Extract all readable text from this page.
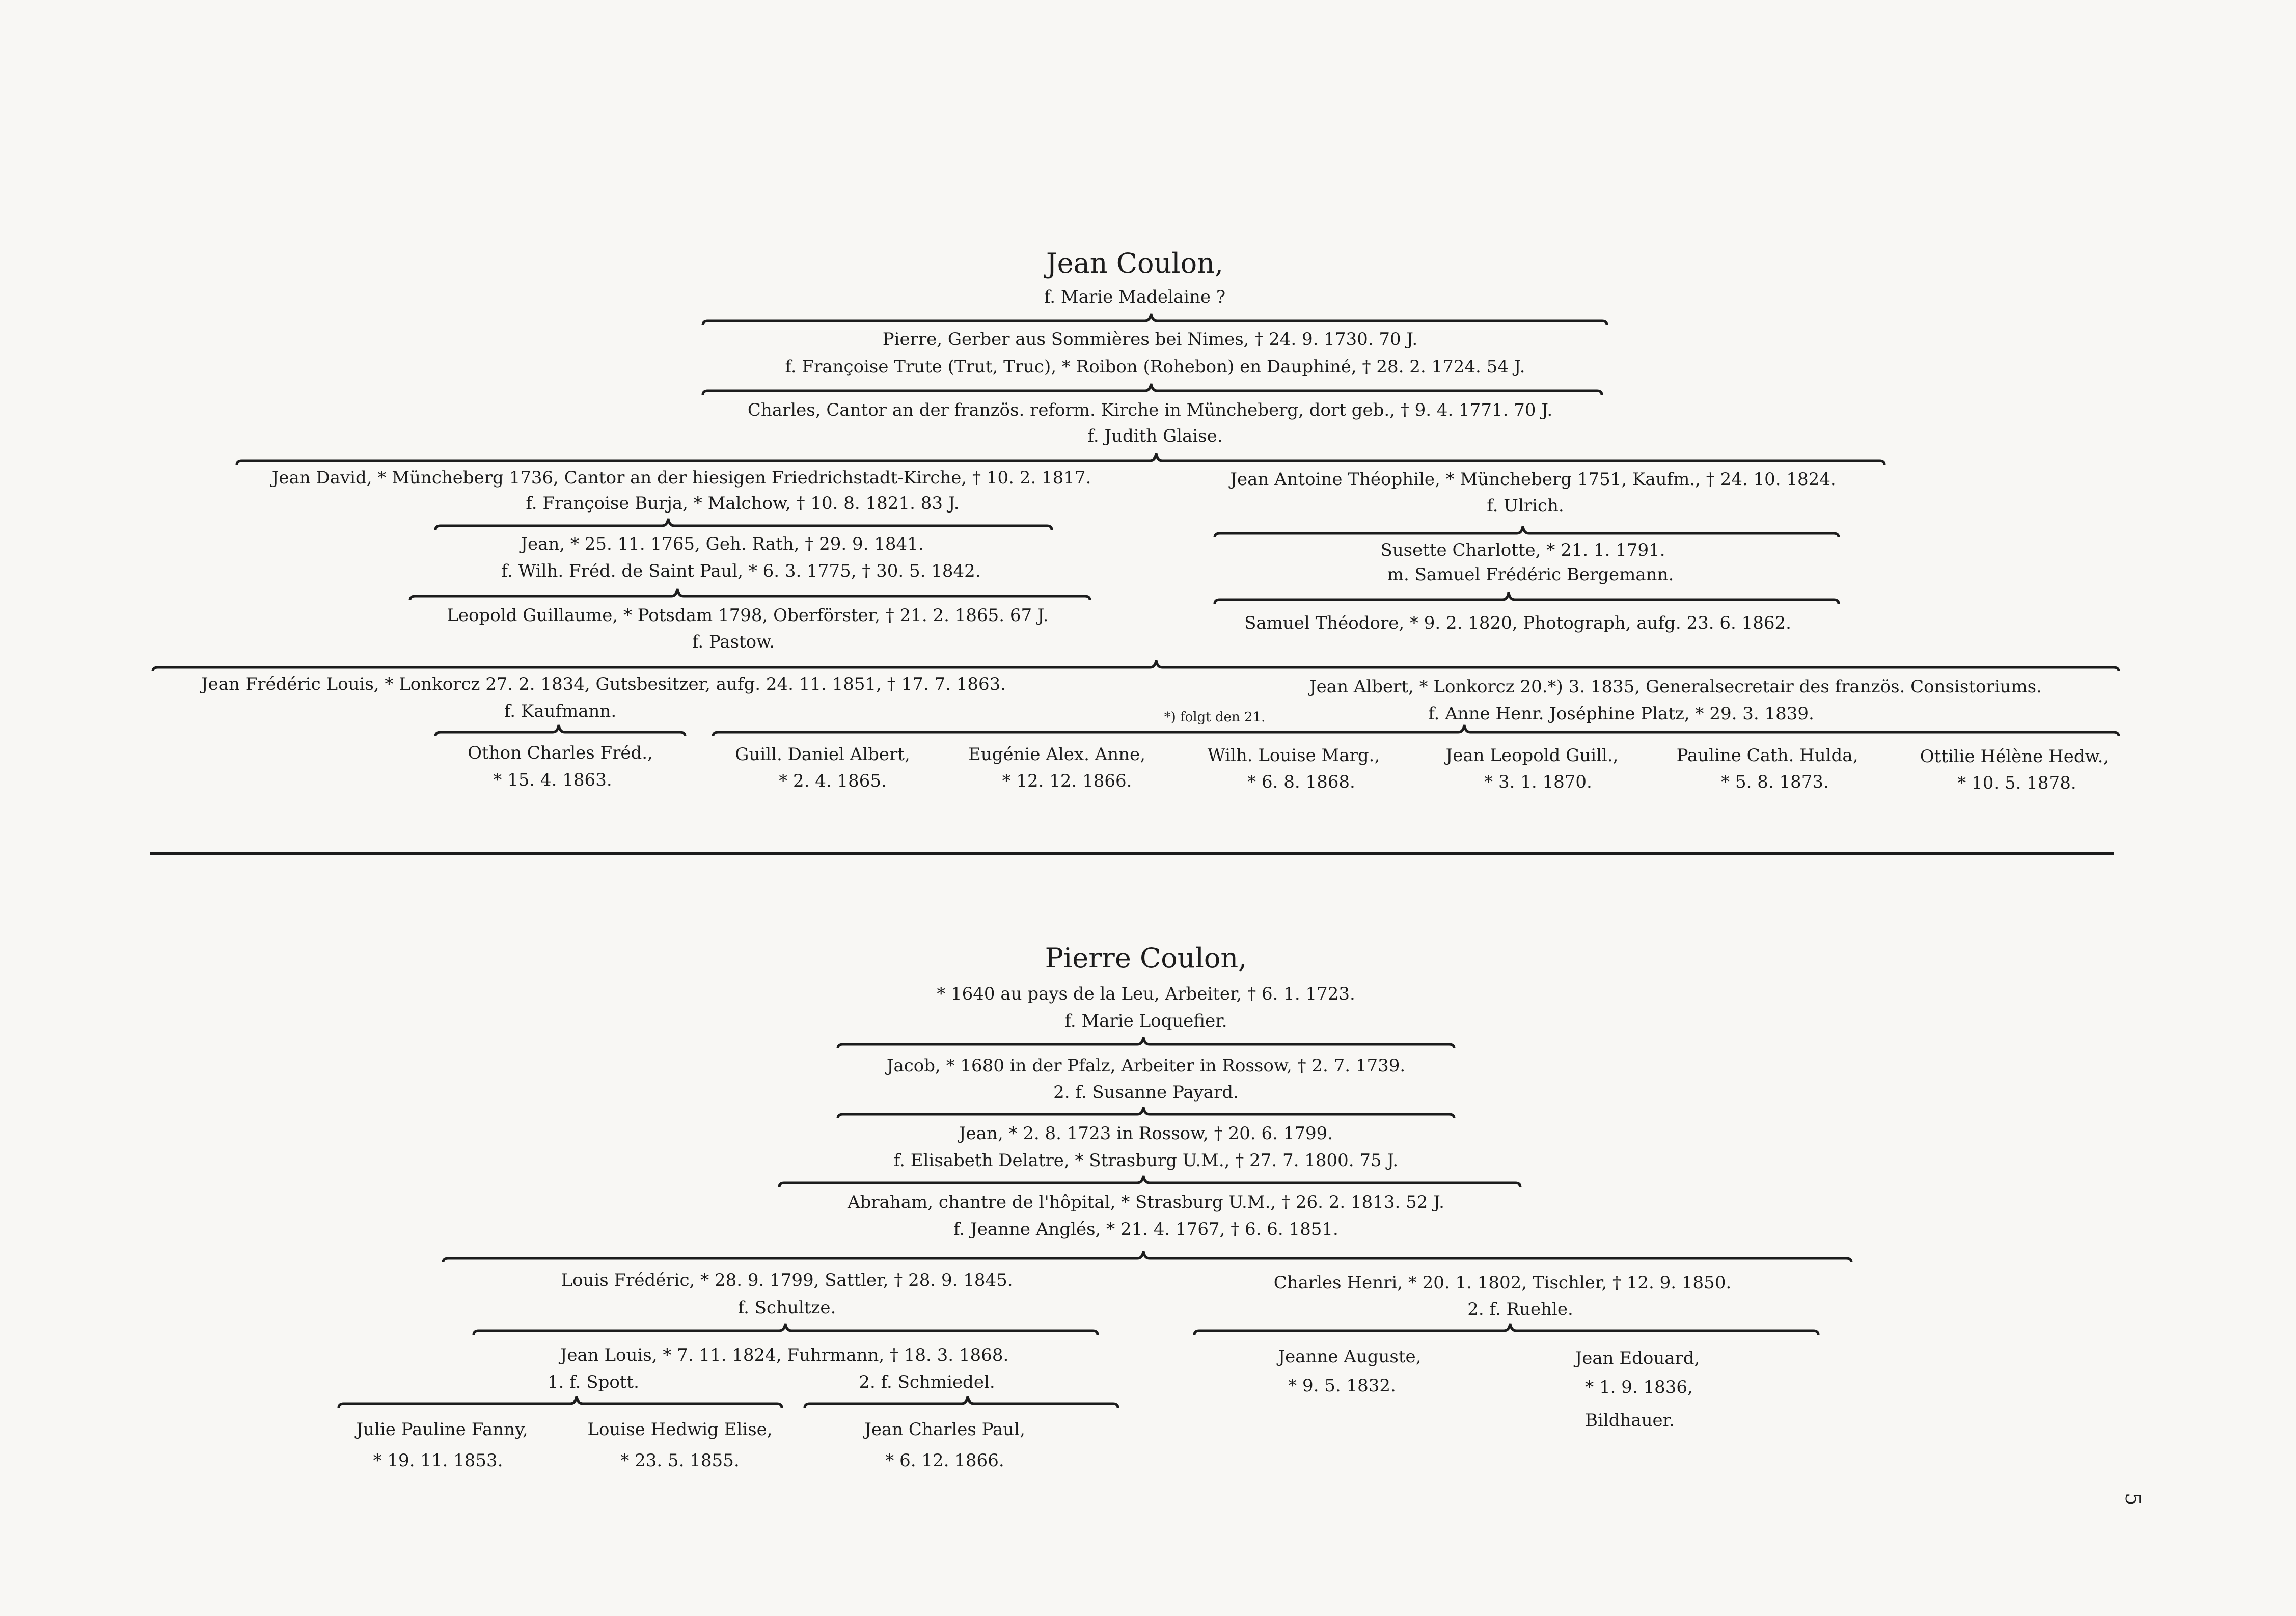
Jean Coulon,
f. Marie Madelaine ?
Pierre, Gerber aus Sommières bei Nimes, † 24. 9. 1730. 70 J.
f. Françoise Trute (Trut, Truc), * Roibon (Rohebon) en Dauphiné, † 28. 2. 1724. 54 J.
Charles, Cantor an der französ. reform. Kirche in Müncheberg, dort geb., † 9. 4. 1771. 70 J.
f. Judith Glaise.
Jean David, * Müncheberg 1736, Cantor an der hiesigen Friedrichstadt-Kirche, † 10. 2. 1817.
f. Françoise Burja, * Malchow, † 10. 8. 1821. 83 J.
Jean Antoine Théophile, * Müncheberg 1751, Kaufm., † 24. 10. 1824.
f. Ulrich.
Jean, * 25. 11. 1765, Geh. Rath, † 29. 9. 1841.
f. Wilh. Fréd. de Saint Paul, * 6. 3. 1775, † 30. 5. 1842.
Susette Charlotte, * 21. 1. 1791.
m. Samuel Frédéric Bergemann.
Leopold Guillaume, * Potsdam 1798, Oberförster, † 21. 2. 1865. 67 J.
f. Pastow.
Samuel Théodore, * 9. 2. 1820, Photograph, aufg. 23. 6. 1862.
Jean Frédéric Louis, * Lonkorcz 27. 2. 1834, Gutsbesitzer, aufg. 24. 11. 1851, † 17. 7. 1863.
f. Kaufmann.
Jean Albert, * Lonkorcz 20.*) 3. 1835, Generalsecretair des französ. Consistoriums.
f. Anne Henr. Joséphine Platz, * 29. 3. 1839.
*) folgt den 21.
Othon Charles Fréd.,
* 15. 4. 1863.
Guill. Daniel Albert,
* 2. 4. 1865.
Eugénie Alex. Anne,
* 12. 12. 1866.
Wilh. Louise Marg.,
* 6. 8. 1868.
Jean Leopold Guill.,
* 3. 1. 1870.
Pauline Cath. Hulda,
* 5. 8. 1873.
Ottilie Hélène Hedw.,
* 10. 5. 1878.
Pierre Coulon,
* 1640 au pays de la Leu, Arbeiter, † 6. 1. 1723.
f. Marie Loquefier.
Jacob, * 1680 in der Pfalz, Arbeiter in Rossow, † 2. 7. 1739.
2. f. Susanne Payard.
Jean, * 2. 8. 1723 in Rossow, † 20. 6. 1799.
f. Elisabeth Delatre, * Strasburg U.M., † 27. 7. 1800. 75 J.
Abraham, chantre de l'hôpital, * Strasburg U.M., † 26. 2. 1813. 52 J.
f. Jeanne Anglés, * 21. 4. 1767, † 6. 6. 1851.
Louis Frédéric, * 28. 9. 1799, Sattler, † 28. 9. 1845.
f. Schultze.
Charles Henri, * 20. 1. 1802, Tischler, † 12. 9. 1850.
2. f. Ruehle.
Jean Louis, * 7. 11. 1824, Fuhrmann, † 18. 3. 1868.
1. f. Spott.	2. f. Schmiedel.
Jeanne Auguste,
* 9. 5. 1832.
Jean Edouard,
* 1. 9. 1836,
Bildhauer.
Julie Pauline Fanny,
* 19. 11. 1853.
Louise Hedwig Elise,
* 23. 5. 1855.
Jean Charles Paul,
* 6. 12. 1866.
5
